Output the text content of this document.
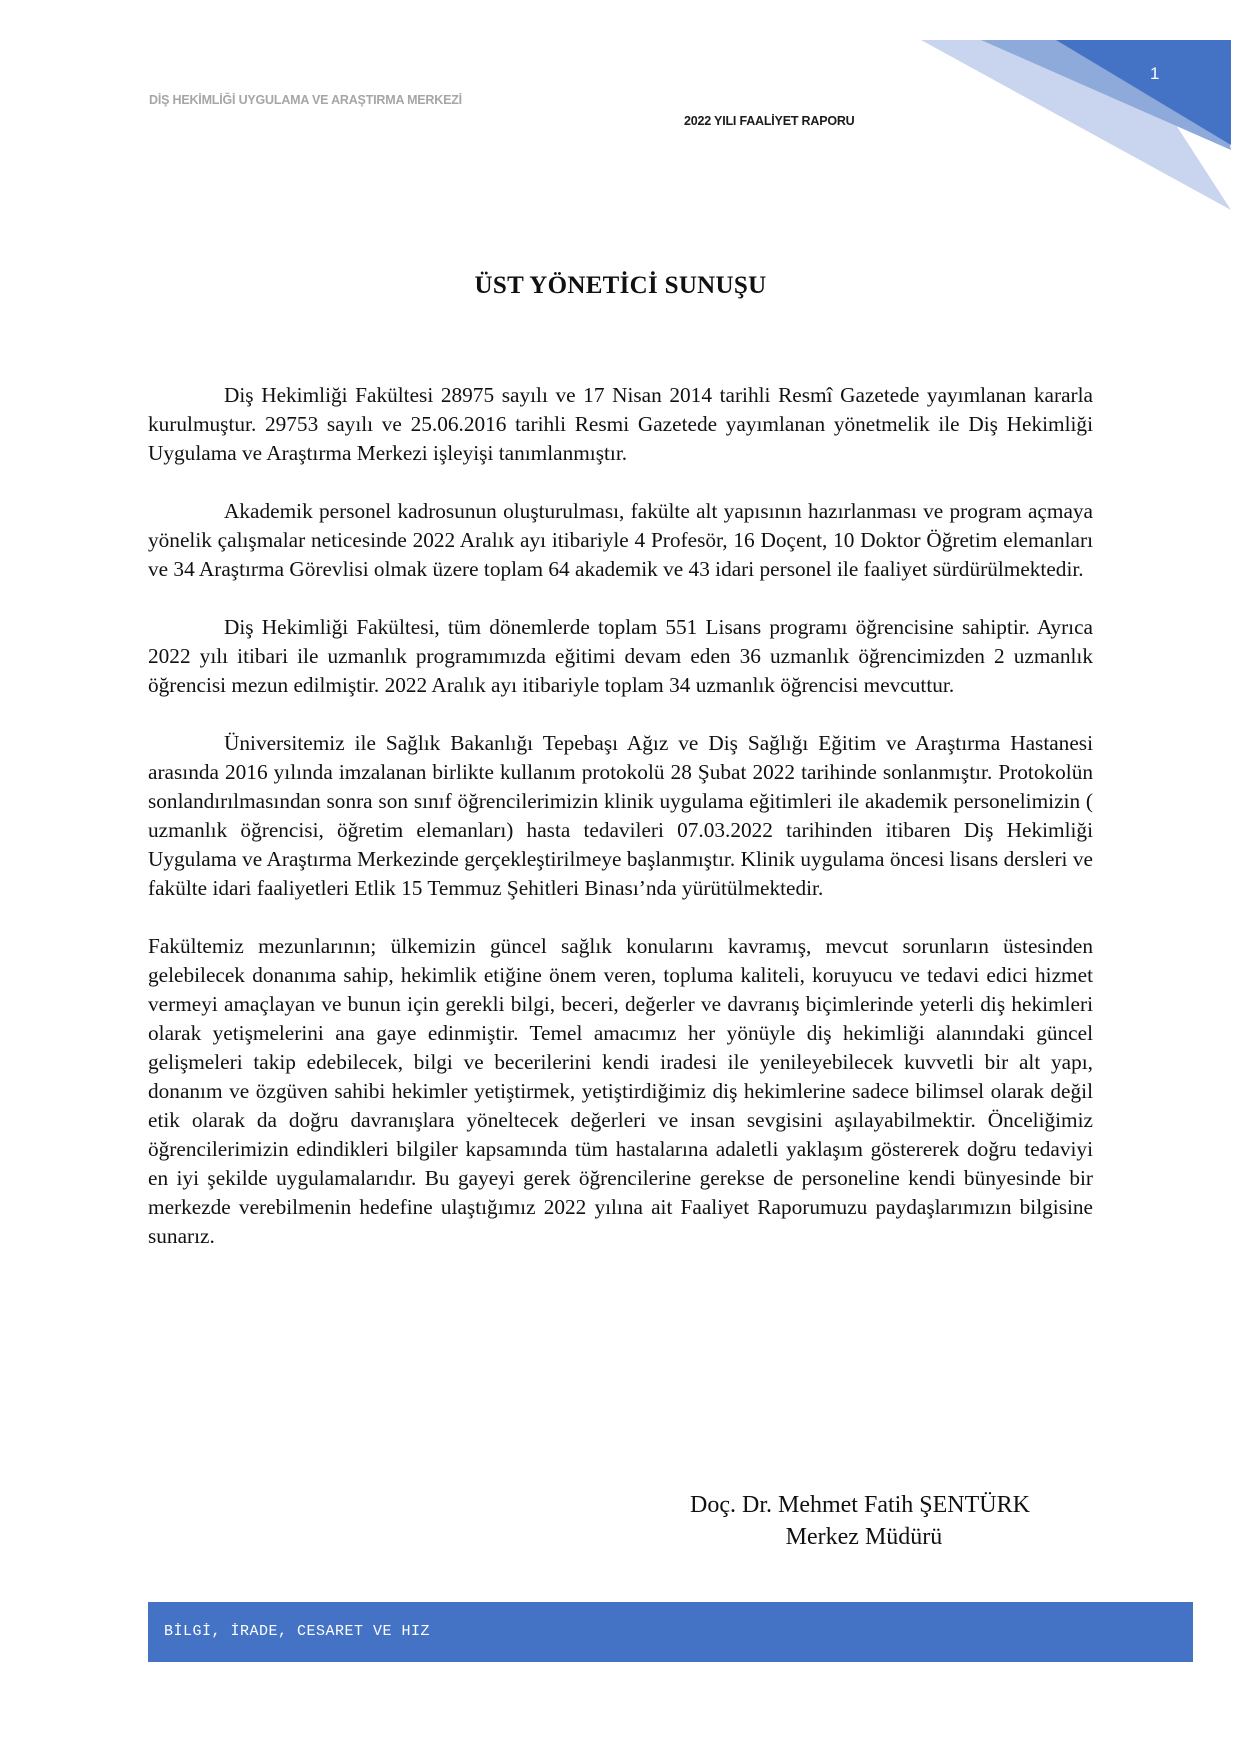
DİŞ HEKİMLİĞİ UYGULAMA VE ARAŞTIRMA MERKEZİ
2022 YILI FAALİYET RAPORU
1
ÜST YÖNETİCİ SUNUŞU

Diş Hekimliği Fakültesi 28975 sayılı ve 17 Nisan 2014 tarihli Resmî Gazetede yayımlanan kararla kurulmuştur. 29753 sayılı ve 25.06.2016 tarihli Resmi Gazetede yayımlanan yönetmelik ile Diş Hekimliği Uygulama ve Araştırma Merkezi işleyişi tanımlanmıştır.

Akademik personel kadrosunun oluşturulması, fakülte alt yapısının hazırlanması ve program açmaya yönelik çalışmalar neticesinde 2022 Aralık ayı itibariyle 4 Profesör, 16 Doçent, 10 Doktor Öğretim elemanları ve 34 Araştırma Görevlisi olmak üzere toplam 64 akademik ve 43 idari personel ile faaliyet sürdürülmektedir.

Diş Hekimliği Fakültesi, tüm dönemlerde toplam 551 Lisans programı öğrencisine sahiptir. Ayrıca 2022 yılı itibari ile uzmanlık programımızda eğitimi devam eden 36 uzmanlık öğrencimizden 2 uzmanlık öğrencisi mezun edilmiştir. 2022 Aralık ayı itibariyle toplam 34 uzmanlık öğrencisi mevcuttur.

Üniversitemiz ile Sağlık Bakanlığı Tepebaşı Ağız ve Diş Sağlığı Eğitim ve Araştırma Hastanesi arasında 2016 yılında imzalanan birlikte kullanım protokolü 28 Şubat 2022 tarihinde sonlanmıştır. Protokolün sonlandırılmasından sonra son sınıf öğrencilerimizin klinik uygulama eğitimleri ile akademik personelimizin ( uzmanlık öğrencisi, öğretim elemanları) hasta tedavileri 07.03.2022 tarihinden itibaren Diş Hekimliği Uygulama ve Araştırma Merkezinde gerçekleştirilmeye başlanmıştır. Klinik uygulama öncesi lisans dersleri ve fakülte idari faaliyetleri Etlik 15 Temmuz Şehitleri Binası’nda yürütülmektedir.

Fakültemiz mezunlarının; ülkemizin güncel sağlık konularını kavramış, mevcut sorunların üstesinden gelebilecek donanıma sahip, hekimlik etiğine önem veren, topluma kaliteli, koruyucu ve tedavi edici hizmet vermeyi amaçlayan ve bunun için gerekli bilgi, beceri, değerler ve davranış biçimlerinde yeterli diş hekimleri olarak yetişmelerini ana gaye edinmiştir. Temel amacımız her yönüyle diş hekimliği alanındaki güncel gelişmeleri takip edebilecek, bilgi ve becerilerini kendi iradesi ile yenileyebilecek kuvvetli bir alt yapı, donanım ve özgüven sahibi hekimler yetiştirmek, yetiştirdiğimiz diş hekimlerine sadece bilimsel olarak değil etik olarak da doğru davranışlara yöneltecek değerleri ve insan sevgisini aşılayabilmektir. Önceliğimiz öğrencilerimizin edindikleri bilgiler kapsamında tüm hastalarına adaletli yaklaşım göstererek doğru tedaviyi en iyi şekilde uygulamalarıdır. Bu gayeyi gerek öğrencilerine gerekse de personeline kendi bünyesinde bir merkezde verebilmenin hedefine ulaştığımız 2022 yılına ait Faaliyet Raporumuzu paydaşlarımızın bilgisine sunarız.

Doç. Dr. Mehmet Fatih ŞENTÜRK
Merkez Müdürü
BİLGİ, İRADE, CESARET VE HIZ
